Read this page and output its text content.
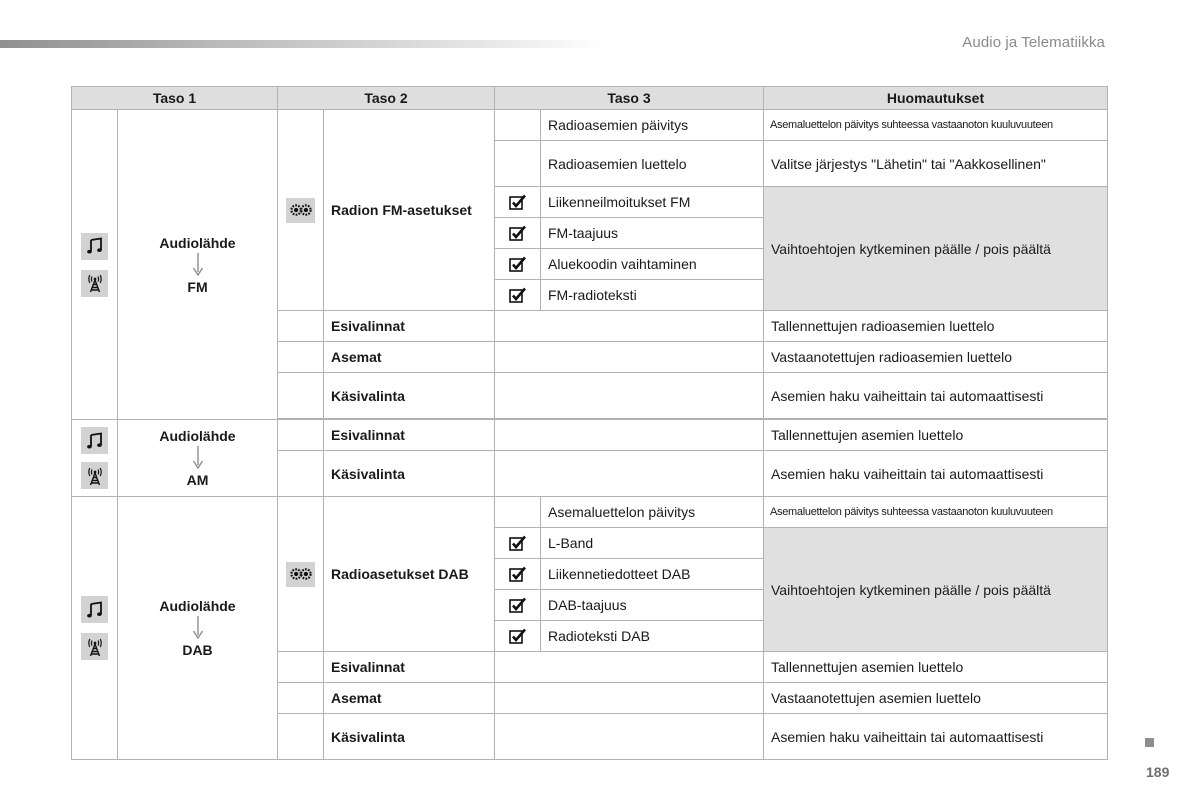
Audio ja Telematiikka
Taso 1		Taso 2		Taso 3		Huomautukset

Audiolähde
FM		Radion FM-asetukset		Radioasemien päivitys	Asemaluettelon päivitys suhteessa vastaanoton kuuluvuuteen
					Radioasemien luettelo	Valitse järjestys "Lähetin" tai "Aakkosellinen"

	Liikenneilmoitukset FM	Vaihtoehtojen kytkeminen päälle / pois päältä

	FM-taajuus	

	Aluekoodin vaihtaminen	

	FM-radioteksti	
			Esivalinnat			Tallennettujen radioasemien luettelo
			Asemat			Vastaanotettujen radioasemien luettelo
			Käsivalinta			Asemien haku vaiheittain tai automaattisesti

Audiolähde
AM		Esivalinnat			Tallennettujen asemien luettelo
			Käsivalinta			Asemien haku vaiheittain tai automaattisesti

Audiolähde
DAB		Radioasetukset DAB		Asemaluettelon päivitys	Asemaluettelon päivitys suhteessa vastaanoton kuuluvuuteen

	L-Band	Vaihtoehtojen kytkeminen päälle / pois päältä

	Liikennetiedotteet DAB	

	DAB-taajuus	

	Radioteksti DAB	
			Esivalinnat			Tallennettujen asemien luettelo
			Asemat			Vastaanotettujen asemien luettelo
			Käsivalinta			Asemien haku vaiheittain tai automaattisesti
189
